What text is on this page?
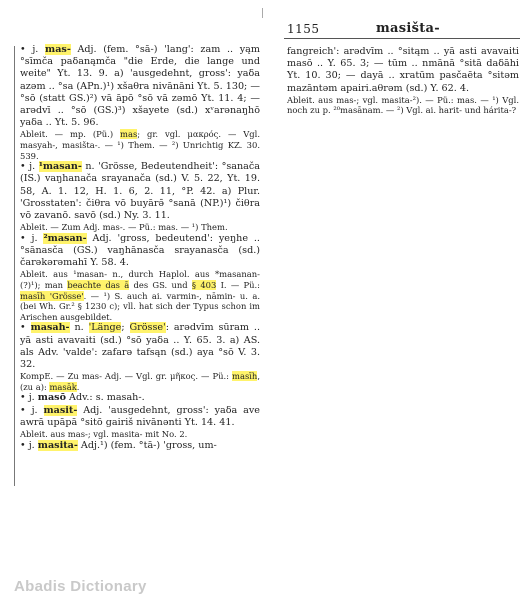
1155	masišta-

• j. mas- Adj. (fem. °sā-) 'lang': zam .. yąm °sīmča paδanąmča "die Erde, die lange und weite" Yt. 13. 9. a) 'ausgedehnt, gross': yaδa azəm .. °sa (APn.)¹) xšaθra nivānāni Yt. 5. 130; — °sō (statt GS.)²) vā āpō °sō vā zəmō Yt. 11. 4; — arədvī .. °sō (GS.)³) xšayete (sd.) xᵛarənaŋhō yaδa .. Yt. 5. 96.

Ableit. — mp. (Pü.) mas; gr. vgl. μακρός. — Vgl. masyah-, masišta-. — ¹) Them. — ²) Unrichtig KZ. 30. 539.

• j. ¹masan- n. 'Grösse, Bedeutendheit': °sanača (IS.) vaŋhanača srayanača (sd.) V. 5. 22, Yt. 19. 58, A. 1. 12, H. 1. 6, 2. 11, °P. 42. a) Plur. 'Grosstaten': čiθra vō buyārə̄ °sanā (NP.)¹) čiθra vō zavanō. savō (sd.) Ny. 3. 11.

Ableit. — Zum Adj. mas-. — Pü.: mas. — ¹) Them.

• j. ²masan- Adj. 'gross, bedeutend': yeŋhe .. °sānasča (GS.) vaŋhānasča srayanasča (sd.) čarəkərəmahī Y. 58. 4.

Ableit. aus ¹masan- n., durch Haplol. aus *masanan-(?)¹); man beachte das ā des GS. und § 403 I. — Pü.: masīh 'Grösse'. — ¹) S. auch ai. varmin-, nāmin- u. a. (bei Wh. Gr.² § 1230 c); vll. hat sich der Typus schon im Arischen ausgebildet.

• masah- n. 'Länge; Grösse': arədvīm sūram .. yā asti avavaiti (sd.) °sō yaδa .. Y. 65. 3. a) AS. als Adv. 'valde': zafarə tafsąn (sd.) aya °sō V. 3. 32.

KompE. — Zu mas- Adj. — Vgl. gr. μῆκος. — Pü.: masīh, (zu a): masāk.

• j. masō Adv.: s. masah-.

• j. masit- Adj. 'ausgedehnt, gross': yaδa ave awrā upāpā °sitō gairiš nivānənti Yt. 14. 41.

Ableit. aus mas-; vgl. masita- mit No. 2.

• j. masita- Adj.¹) (fem. °tā-) 'gross, um-

fangreich': arədvīm .. °sitąm .. yā asti avavaiti masō .. Y. 65. 3; — tūm .. nmānā °sitā daδāhi Yt. 10. 30; — dayā .. xratūm pasčaēta °sitəm mazāntəm apairi.aθrəm (sd.) Y. 62. 4.

Ableit. aus mas-; vgl. masita-²). — Pü.: mas. — ¹) Vgl. noch zu p. ²⁰masānam. — ²) Vgl. ai. harit- und hárita-?

Abadis Dictionary
